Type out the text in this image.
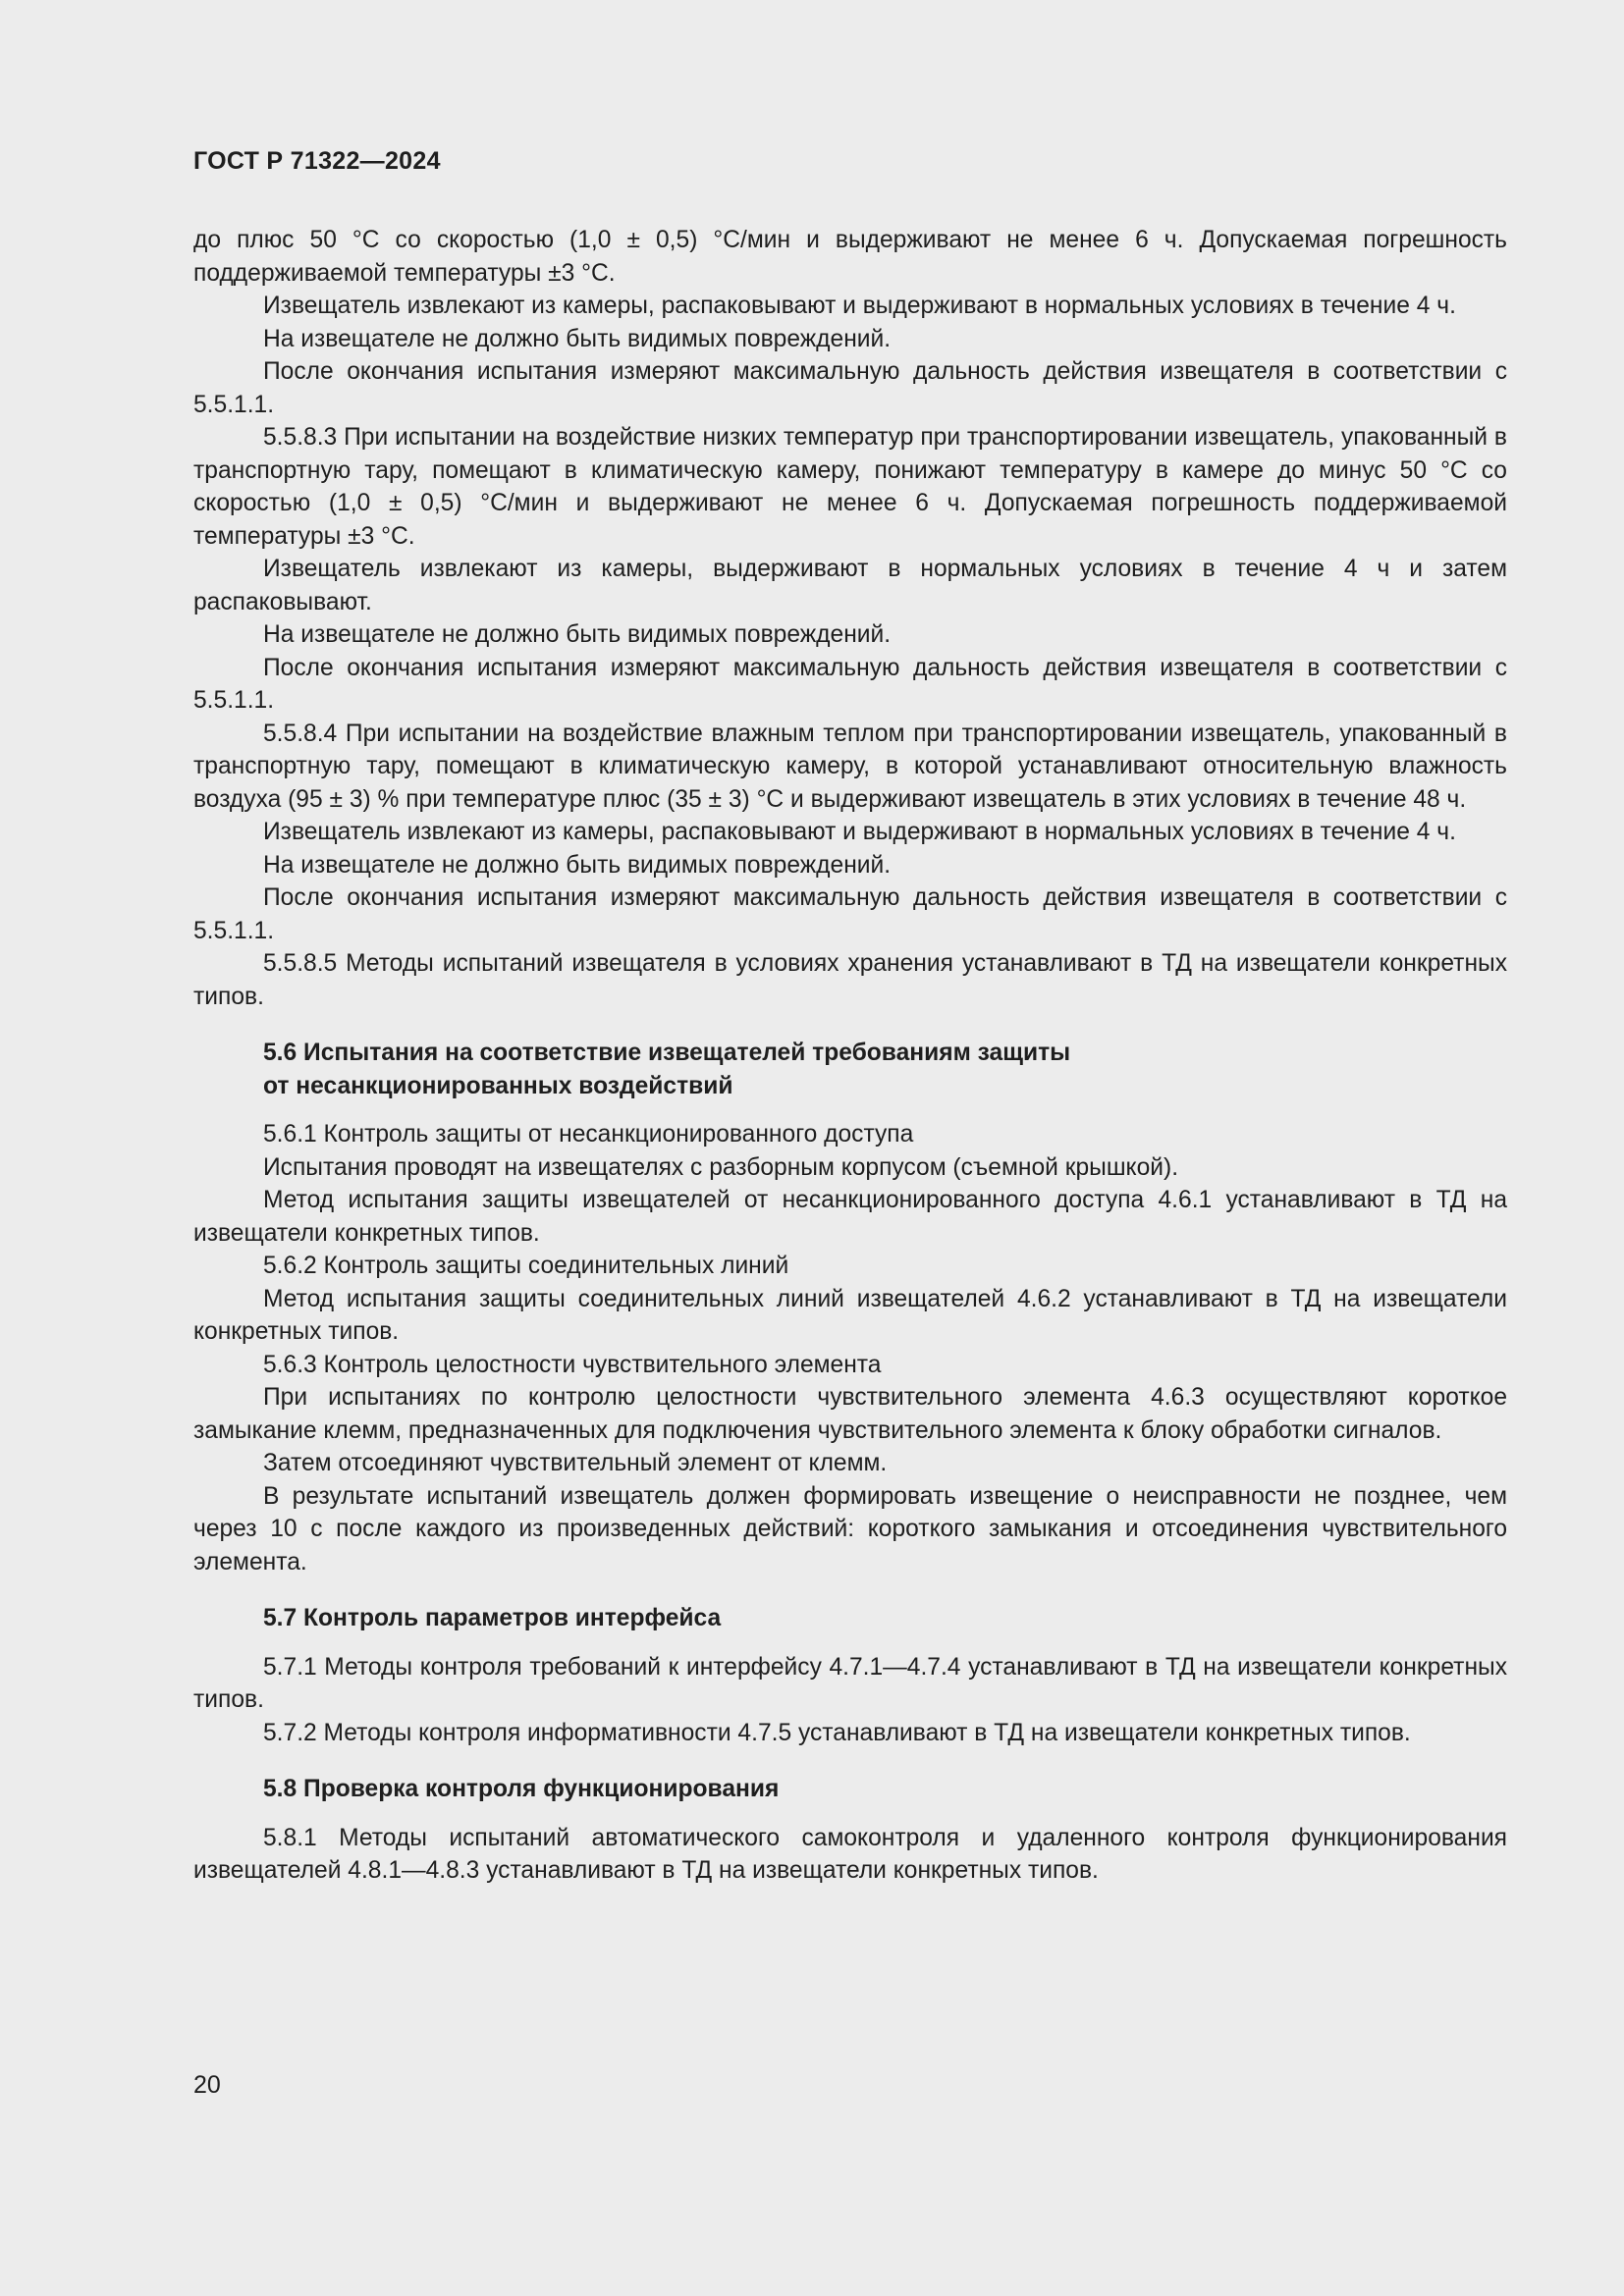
ГОСТ Р 71322—2024

до плюс 50 °С со скоростью (1,0 ± 0,5) °С/мин и выдерживают не менее 6 ч. Допускаемая погрешность поддерживаемой температуры ±3 °С.

Извещатель извлекают из камеры, распаковывают и выдерживают в нормальных условиях в течение 4 ч.

На извещателе не должно быть видимых повреждений.

После окончания испытания измеряют максимальную дальность действия извещателя в соответствии с 5.5.1.1.

5.5.8.3 При испытании на воздействие низких температур при транспортировании извещатель, упакованный в транспортную тару, помещают в климатическую камеру, понижают температуру в камере до минус 50 °С со скоростью (1,0 ± 0,5) °С/мин и выдерживают не менее 6 ч. Допускаемая погрешность поддерживаемой температуры ±3 °С.

Извещатель извлекают из камеры, выдерживают в нормальных условиях в течение 4 ч и затем распаковывают.

На извещателе не должно быть видимых повреждений.

После окончания испытания измеряют максимальную дальность действия извещателя в соответствии с 5.5.1.1.

5.5.8.4 При испытании на воздействие влажным теплом при транспортировании извещатель, упакованный в транспортную тару, помещают в климатическую камеру, в которой устанавливают относительную влажность воздуха (95 ± 3) % при температуре плюс (35 ± 3) °С и выдерживают извещатель в этих условиях в течение 48 ч.

Извещатель извлекают из камеры, распаковывают и выдерживают в нормальных условиях в течение 4 ч.

На извещателе не должно быть видимых повреждений.

После окончания испытания измеряют максимальную дальность действия извещателя в соответствии с 5.5.1.1.

5.5.8.5 Методы испытаний извещателя в условиях хранения устанавливают в ТД на извещатели конкретных типов.

5.6 Испытания на соответствие извещателей требованиям защиты
от несанкционированных воздействий

5.6.1 Контроль защиты от несанкционированного доступа

Испытания проводят на извещателях с разборным корпусом (съемной крышкой).

Метод испытания защиты извещателей от несанкционированного доступа 4.6.1 устанавливают в ТД на извещатели конкретных типов.

5.6.2 Контроль защиты соединительных линий

Метод испытания защиты соединительных линий извещателей 4.6.2 устанавливают в ТД на извещатели конкретных типов.

5.6.3 Контроль целостности чувствительного элемента

При испытаниях по контролю целостности чувствительного элемента 4.6.3 осуществляют короткое замыкание клемм, предназначенных для подключения чувствительного элемента к блоку обработки сигналов.

Затем отсоединяют чувствительный элемент от клемм.

В результате испытаний извещатель должен формировать извещение о неисправности не позднее, чем через 10 с после каждого из произведенных действий: короткого замыкания и отсоединения чувствительного элемента.

5.7 Контроль параметров интерфейса

5.7.1 Методы контроля требований к интерфейсу 4.7.1—4.7.4 устанавливают в ТД на извещатели конкретных типов.

5.7.2 Методы контроля информативности 4.7.5 устанавливают в ТД на извещатели конкретных типов.

5.8 Проверка контроля функционирования

5.8.1 Методы испытаний автоматического самоконтроля и удаленного контроля функционирования извещателей 4.8.1—4.8.3 устанавливают в ТД на извещатели конкретных типов.

20
